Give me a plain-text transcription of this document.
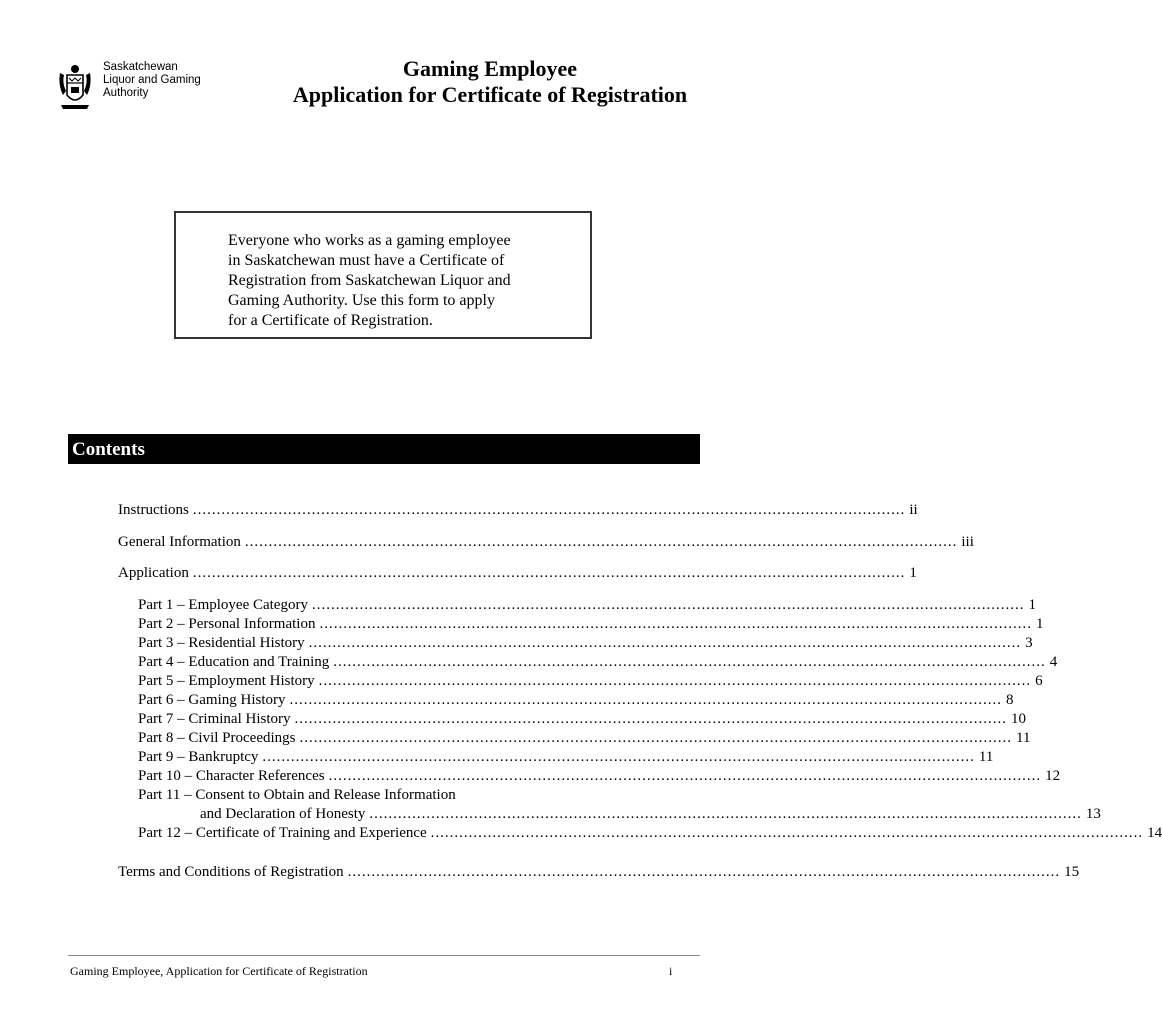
Saskatchewan
Liquor and Gaming
Authority
Gaming Employee
Application for Certificate of Registration
Everyone who works as a gaming employee
in Saskatchewan must have a Certificate of
Registration from Saskatchewan Liquor and
Gaming Authority. Use this form to apply
for a Certificate of Registration.
Contents
Instructions ...................................................................................................................................................... ii
General Information ...................................................................................................................................................... iii
Application ...................................................................................................................................................... 1
Part 1 – Employee Category ...................................................................................................................................................... 1
Part 2 – Personal Information ...................................................................................................................................................... 1
Part 3 – Residential History ...................................................................................................................................................... 3
Part 4 – Education and Training ...................................................................................................................................................... 4
Part 5 – Employment History ...................................................................................................................................................... 6
Part 6 – Gaming History ...................................................................................................................................................... 8
Part 7 – Criminal History ...................................................................................................................................................... 10
Part 8 – Civil Proceedings ...................................................................................................................................................... 11
Part 9 – Bankruptcy ...................................................................................................................................................... 11
Part 10 – Character References ...................................................................................................................................................... 12
Part 11 – Consent to Obtain and Release Information
and Declaration of Honesty ...................................................................................................................................................... 13
Part 12 – Certificate of Training and Experience ...................................................................................................................................................... 14
Terms and Conditions of Registration ...................................................................................................................................................... 15
Gaming Employee, Application for Certificate of Registration	i
